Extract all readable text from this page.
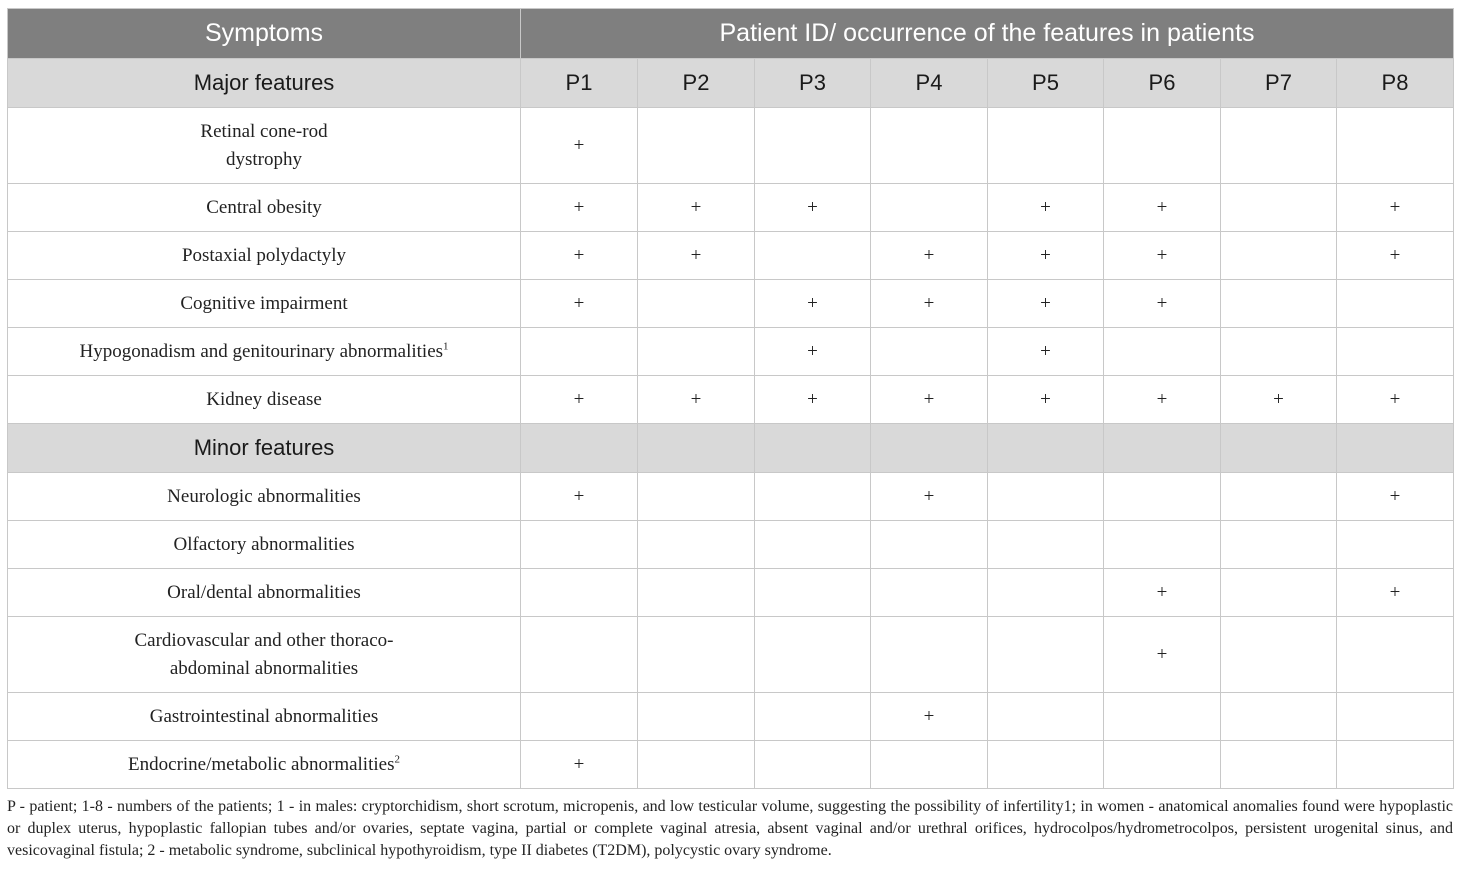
Symptoms	Patient ID/ occurrence of the features in patients							
Major features	P1	P2	P3	P4	P5	P6	P7	P8
Retinal cone-rod
dystrophy	+							
Central obesity	+	+	+		+	+		+
Postaxial polydactyly	+	+		+	+	+		+
Cognitive impairment	+		+	+	+	+		
Hypogonadism and genitourinary abnormalities$^1$			+		+			
Kidney disease	+	+	+	+	+	+	+	+
Minor features								
Neurologic abnormalities	+			+				+
Olfactory abnormalities								
Oral/dental abnormalities						+		+
Cardiovascular and other thoraco-
abdominal abnormalities						+		
Gastrointestinal abnormalities				+				
Endocrine/metabolic abnormalities$^2$	+							
P - patient; 1-8 - numbers of the patients; 1 - in males: cryptorchidism, short scrotum, micropenis, and low testicular volume, suggesting the possibility of infertility1; in women - anatomical anomalies found were hypoplastic or duplex uterus, hypoplastic fallopian tubes and/or ovaries, septate vagina, partial or complete vaginal atresia, absent vaginal and/or urethral orifices, hydrocolpos/hydrometrocolpos, persistent urogenital sinus, and vesicovaginal fistula; 2 - metabolic syndrome, subclinical hypothyroidism, type II diabetes (T2DM), polycystic ovary syndrome.
